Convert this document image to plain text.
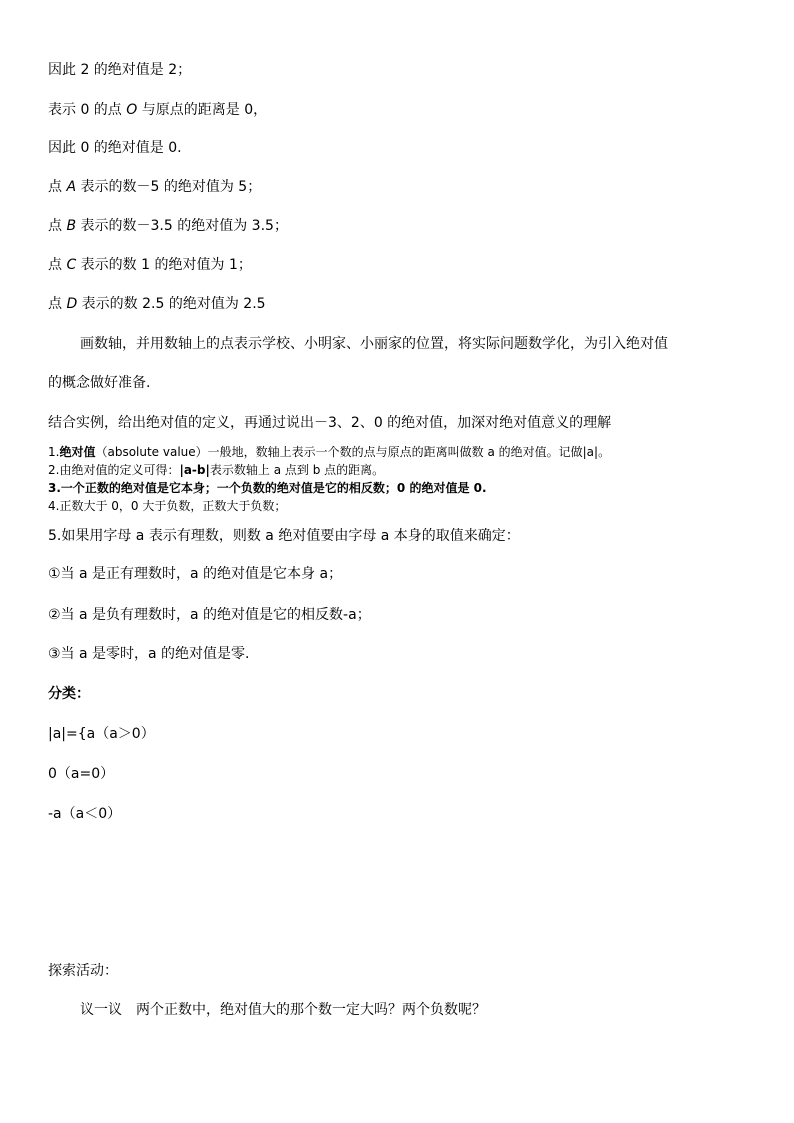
因此 2 的绝对值是 2；
表示 0 的点 O 与原点的距离是 0，
因此 0 的绝对值是 0.
点 A 表示的数－5 的绝对值为 5；
点 B 表示的数－3.5 的绝对值为 3.5；
点 C 表示的数 1 的绝对值为 1；
点 D 表示的数 2.5 的绝对值为 2.5
画数轴，并用数轴上的点表示学校、小明家、小丽家的位置，将实际问题数学化，为引入绝对值
的概念做好准备.
结合实例，给出绝对值的定义，再通过说出－3、2、0 的绝对值，加深对绝对值意义的理解
1.绝对值（absolute value）一般地，数轴上表示一个数的点与原点的距离叫做数 a 的绝对值。记做|a|。
2.由绝对值的定义可得：|a-b|表示数轴上 a 点到 b 点的距离。
3.一个正数的绝对值是它本身；一个负数的绝对值是它的相反数；0 的绝对值是 0.
4.正数大于 0，0 大于负数，正数大于负数；
5.如果用字母 a 表示有理数，则数 a 绝对值要由字母 a 本身的取值来确定：
①当 a 是正有理数时，a 的绝对值是它本身 a；
②当 a 是负有理数时，a 的绝对值是它的相反数-a；
③当 a 是零时，a 的绝对值是零.
分类：
|a|={a（a＞0）
0（a=0）
-a（a＜0）
探索活动：
议一议 两个正数中，绝对值大的那个数一定大吗？两个负数呢？
